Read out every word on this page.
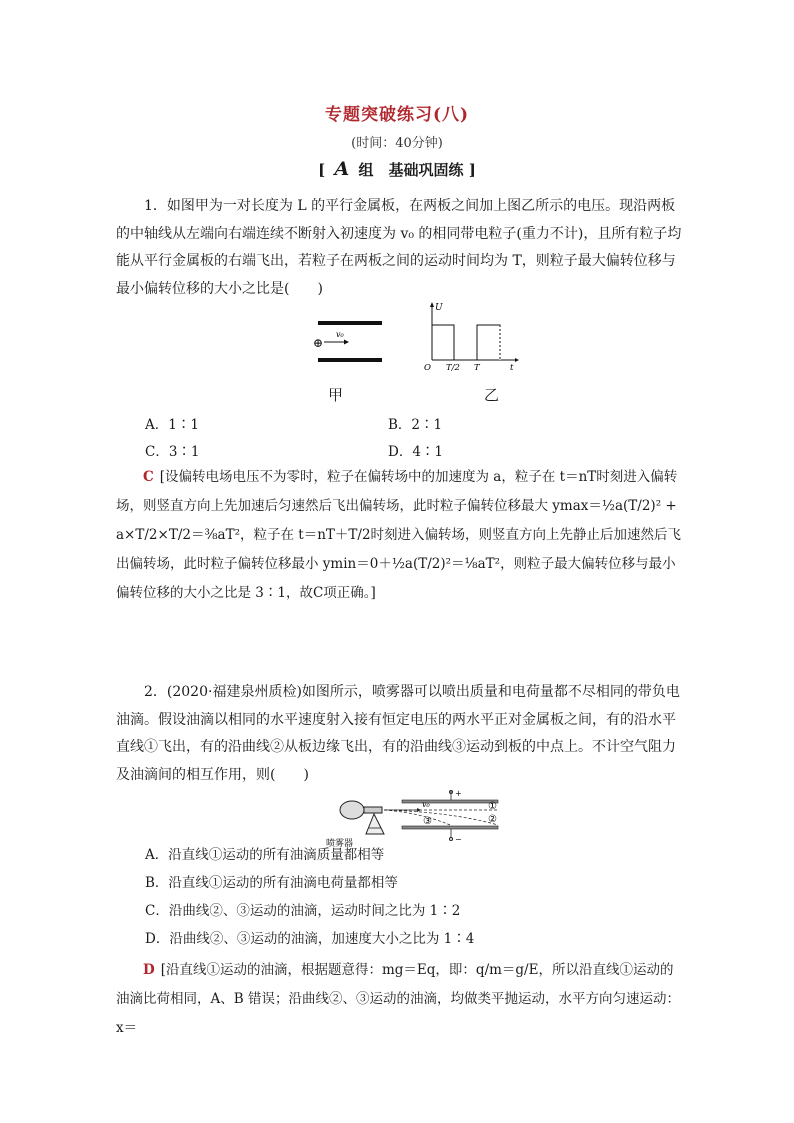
专题突破练习(八)
(时间：40分钟)
[ A 组　基础巩固练 ]

1．如图甲为一对长度为 L 的平行金属板，在两板之间加上图乙所示的电压。现沿两板的中轴线从左端向右端连续不断射入初速度为 v₀ 的相同带电粒子(重力不计)，且所有粒子均能从平行金属板的右端飞出，若粒子在两板之间的运动时间均为 T，则粒子最大偏转位移与最小偏转位移的大小之比是(　　)

⊕
v₀
甲
U
O T/2 T	t
乙
A．1∶1	B．2∶1
C．3∶1	D．4∶1
C [设偏转电场电压不为零时，粒子在偏转场中的加速度为 a，粒子在 t＝nT时刻进入偏转场，则竖直方向上先加速后匀速然后飞出偏转场，此时粒子偏转位移最大 ymax＝½a(T/2)² + a×T/2×T/2＝⅜aT²，粒子在 t＝nT＋T/2时刻进入偏转场，则竖直方向上先静止后加速然后飞出偏转场，此时粒子偏转位移最小 ymin＝0＋½a(T/2)²＝⅛aT²，则粒子最大偏转位移与最小偏转位移的大小之比是 3∶1，故C项正确。]

2．(2020·福建泉州质检)如图所示，喷雾器可以喷出质量和电荷量都不尽相同的带负电油滴。假设油滴以相同的水平速度射入接有恒定电压的两水平正对金属板之间，有的沿水平直线①飞出，有的沿曲线②从板边缘飞出，有的沿曲线③运动到板的中点上。不计空气阻力及油滴间的相互作用，则(　　)

+
−
v₀	①
②
③
喷雾器
A．沿直线①运动的所有油滴质量都相等
B．沿直线①运动的所有油滴电荷量都相等
C．沿曲线②、③运动的油滴，运动时间之比为 1∶2
D．沿曲线②、③运动的油滴，加速度大小之比为 1∶4
D [沿直线①运动的油滴，根据题意得：mg＝Eq，即：q/m＝g/E，所以沿直线①运动的油滴比荷相同，A、B 错误；沿曲线②、③运动的油滴，均做类平抛运动，水平方向匀速运动：x＝
